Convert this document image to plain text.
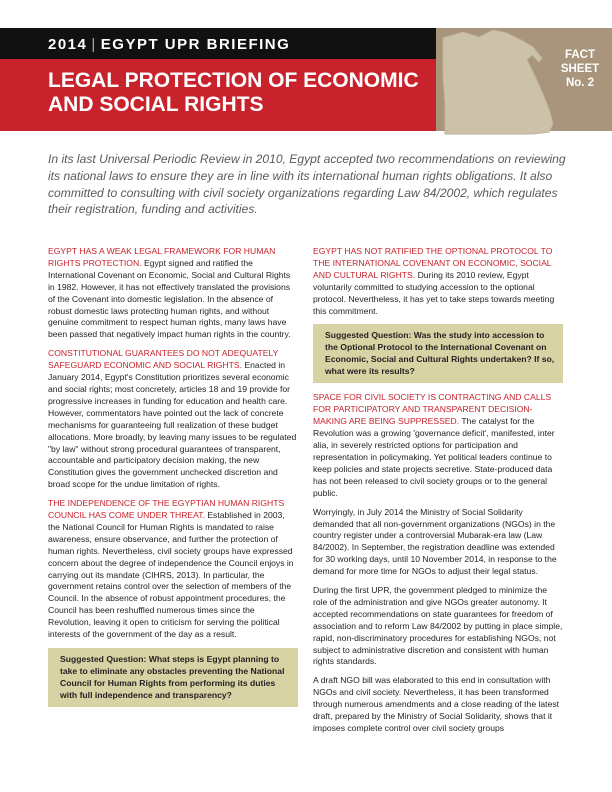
2014 | EGYPT UPR BRIEFING
LEGAL PROTECTION OF ECONOMIC AND SOCIAL RIGHTS
FACT
SHEET
No. 2

In its last Universal Periodic Review in 2010, Egypt accepted two recommendations on reviewing its national laws to ensure they are in line with its international human rights obligations. It also committed to consulting with civil society organizations regarding Law 84/2002, which regulates their registration, funding and activities.

EGYPT HAS A WEAK LEGAL FRAMEWORK FOR HUMAN RIGHTS PROTECTION. Egypt signed and ratified the International Covenant on Economic, Social and Cultural Rights in 1982. However, it has not effectively translated the provisions of the Covenant into domestic legislation. In the absence of robust domestic laws protecting human rights, and without genuine commitment to respect human rights, many laws have been passed that negatively impact human rights in the country.

CONSTITUTIONAL GUARANTEES DO NOT ADEQUATELY SAFEGUARD ECONOMIC AND SOCIAL RIGHTS. Enacted in January 2014, Egypt's Constitution prioritizes several economic and social rights; most concretely, articles 18 and 19 provide for progressive increases in funding for education and health care. However, commentators have pointed out the lack of concrete mechanisms for guaranteeing full realization of these budget allocations. More broadly, by leaving many issues to be regulated "by law" without strong procedural guarantees of transparent, accountable and participatory decision making, the new Constitution gives the government unchecked discretion and broad scope for the undue limitation of rights.

THE INDEPENDENCE OF THE EGYPTIAN HUMAN RIGHTS COUNCIL HAS COME UNDER THREAT. Established in 2003, the National Council for Human Rights is mandated to raise awareness, ensure observance, and further the protection of human rights. Nevertheless, civil society groups have expressed concern about the degree of independence the Council enjoys in carrying out its mandate (CIHRS, 2013). In particular, the government retains control over the selection of members of the Council. In the absence of robust appointment procedures, the Council has been reshuffled numerous times since the Revolution, leaving it open to criticism for serving the political interests of the government of the day as a result.

Suggested Question: What steps is Egypt planning to take to eliminate any obstacles preventing the National Council for Human Rights from performing its duties with full independence and transparency?

EGYPT HAS NOT RATIFIED THE OPTIONAL PROTOCOL TO THE INTERNATIONAL COVENANT ON ECONOMIC, SOCIAL AND CULTURAL RIGHTS. During its 2010 review, Egypt voluntarily committed to studying accession to the optional protocol. Nevertheless, it has yet to take steps towards meeting this commitment.

Suggested Question: Was the study into accession to the Optional Protocol to the International Covenant on Economic, Social and Cultural Rights undertaken? If so, what were its results?

SPACE FOR CIVIL SOCIETY IS CONTRACTING AND CALLS FOR PARTICIPATORY AND TRANSPARENT DECISION-MAKING ARE BEING SUPPRESSED. The catalyst for the Revolution was a growing 'governance deficit', manifested, inter alia, in severely restricted options for participation and representation in policymaking. Yet political leaders continue to keep policies and state projects secretive. State-produced data has not been released to civil society groups or to the general public.

Worryingly, in July 2014 the Ministry of Social Solidarity demanded that all non-government organizations (NGOs) in the country register under a controversial Mubarak-era law (Law 84/2002). In September, the registration deadline was extended for 30 working days, until 10 November 2014, in response to the demand for more time for NGOs to adjust their legal status.

During the first UPR, the government pledged to minimize the role of the administration and give NGOs greater autonomy. It accepted recommendations on state guarantees for freedom of association and to reform Law 84/2002 by putting in place simple, rapid, non-discriminatory procedures for establishing NGOs, not subject to administrative discretion and consistent with human rights standards.

A draft NGO bill was elaborated to this end in consultation with NGOs and civil society. Nevertheless, it has been transformed through numerous amendments and a close reading of the latest draft, prepared by the Ministry of Social Solidarity, shows that it imposes complete control over civil society groups
